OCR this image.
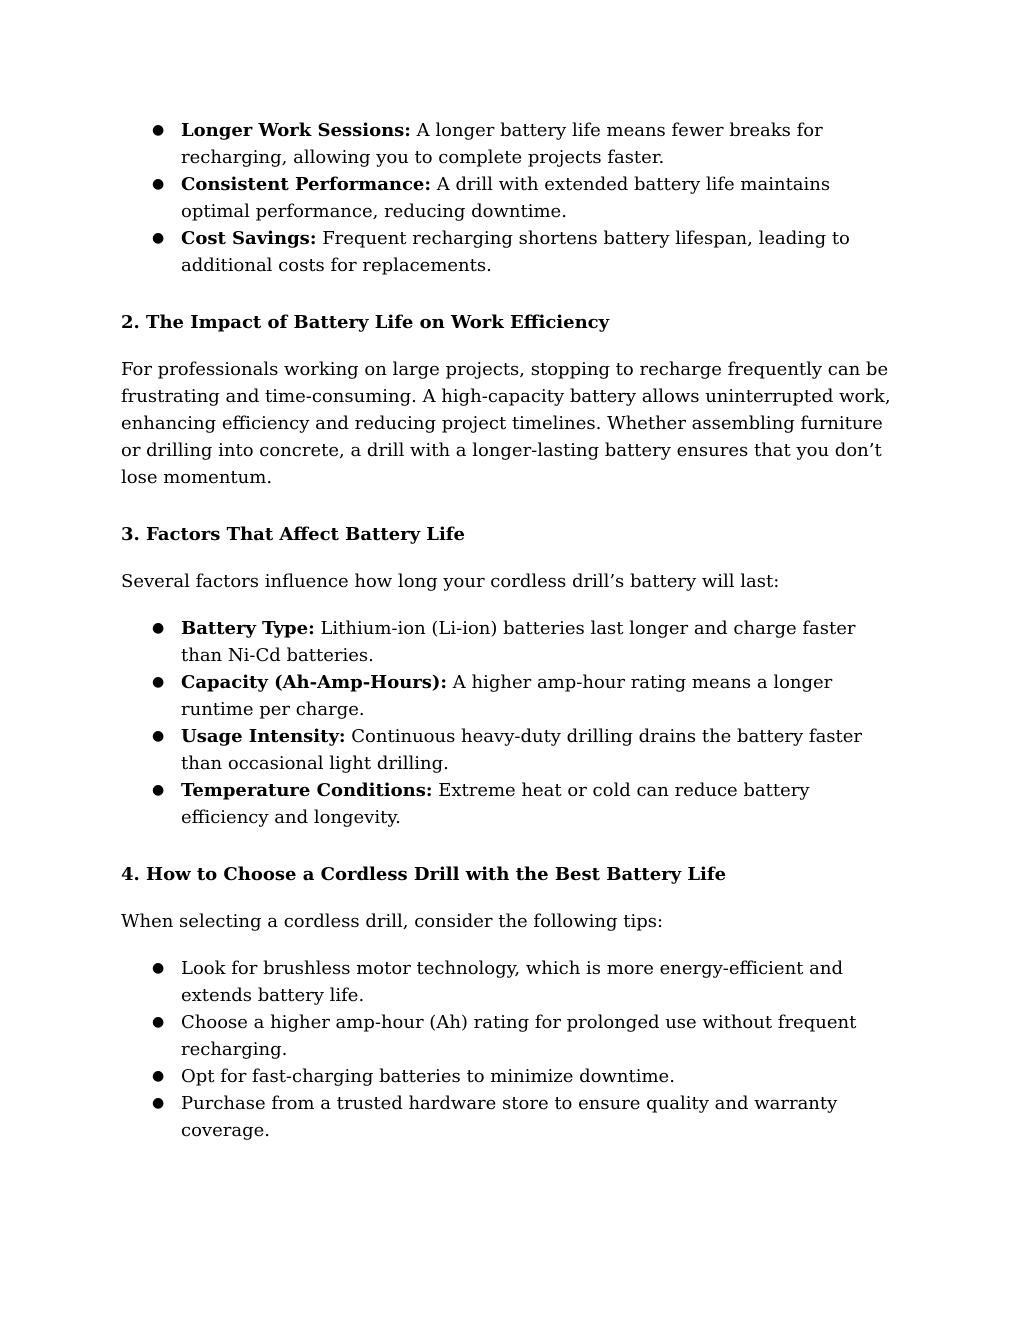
● Longer Work Sessions: A longer battery life means fewer breaks for recharging, allowing you to complete projects faster.
● Consistent Performance: A drill with extended battery life maintains optimal performance, reducing downtime.
● Cost Savings: Frequent recharging shortens battery lifespan, leading to additional costs for replacements.
2. The Impact of Battery Life on Work Efficiency

For professionals working on large projects, stopping to recharge frequently can be frustrating and time-consuming. A high-capacity battery allows uninterrupted work, enhancing efficiency and reducing project timelines. Whether assembling furniture or drilling into concrete, a drill with a longer-lasting battery ensures that you don’t lose momentum.

3. Factors That Affect Battery Life

Several factors influence how long your cordless drill’s battery will last:

● Battery Type: Lithium-ion (Li-ion) batteries last longer and charge faster than Ni-Cd batteries.
● Capacity (Ah-Amp-Hours): A higher amp-hour rating means a longer runtime per charge.
● Usage Intensity: Continuous heavy-duty drilling drains the battery faster than occasional light drilling.
● Temperature Conditions: Extreme heat or cold can reduce battery efficiency and longevity.
4. How to Choose a Cordless Drill with the Best Battery Life

When selecting a cordless drill, consider the following tips:

● Look for brushless motor technology, which is more energy-efficient and extends battery life.
● Choose a higher amp-hour (Ah) rating for prolonged use without frequent recharging.
● Opt for fast-charging batteries to minimize downtime.
● Purchase from a trusted hardware store to ensure quality and warranty coverage.
